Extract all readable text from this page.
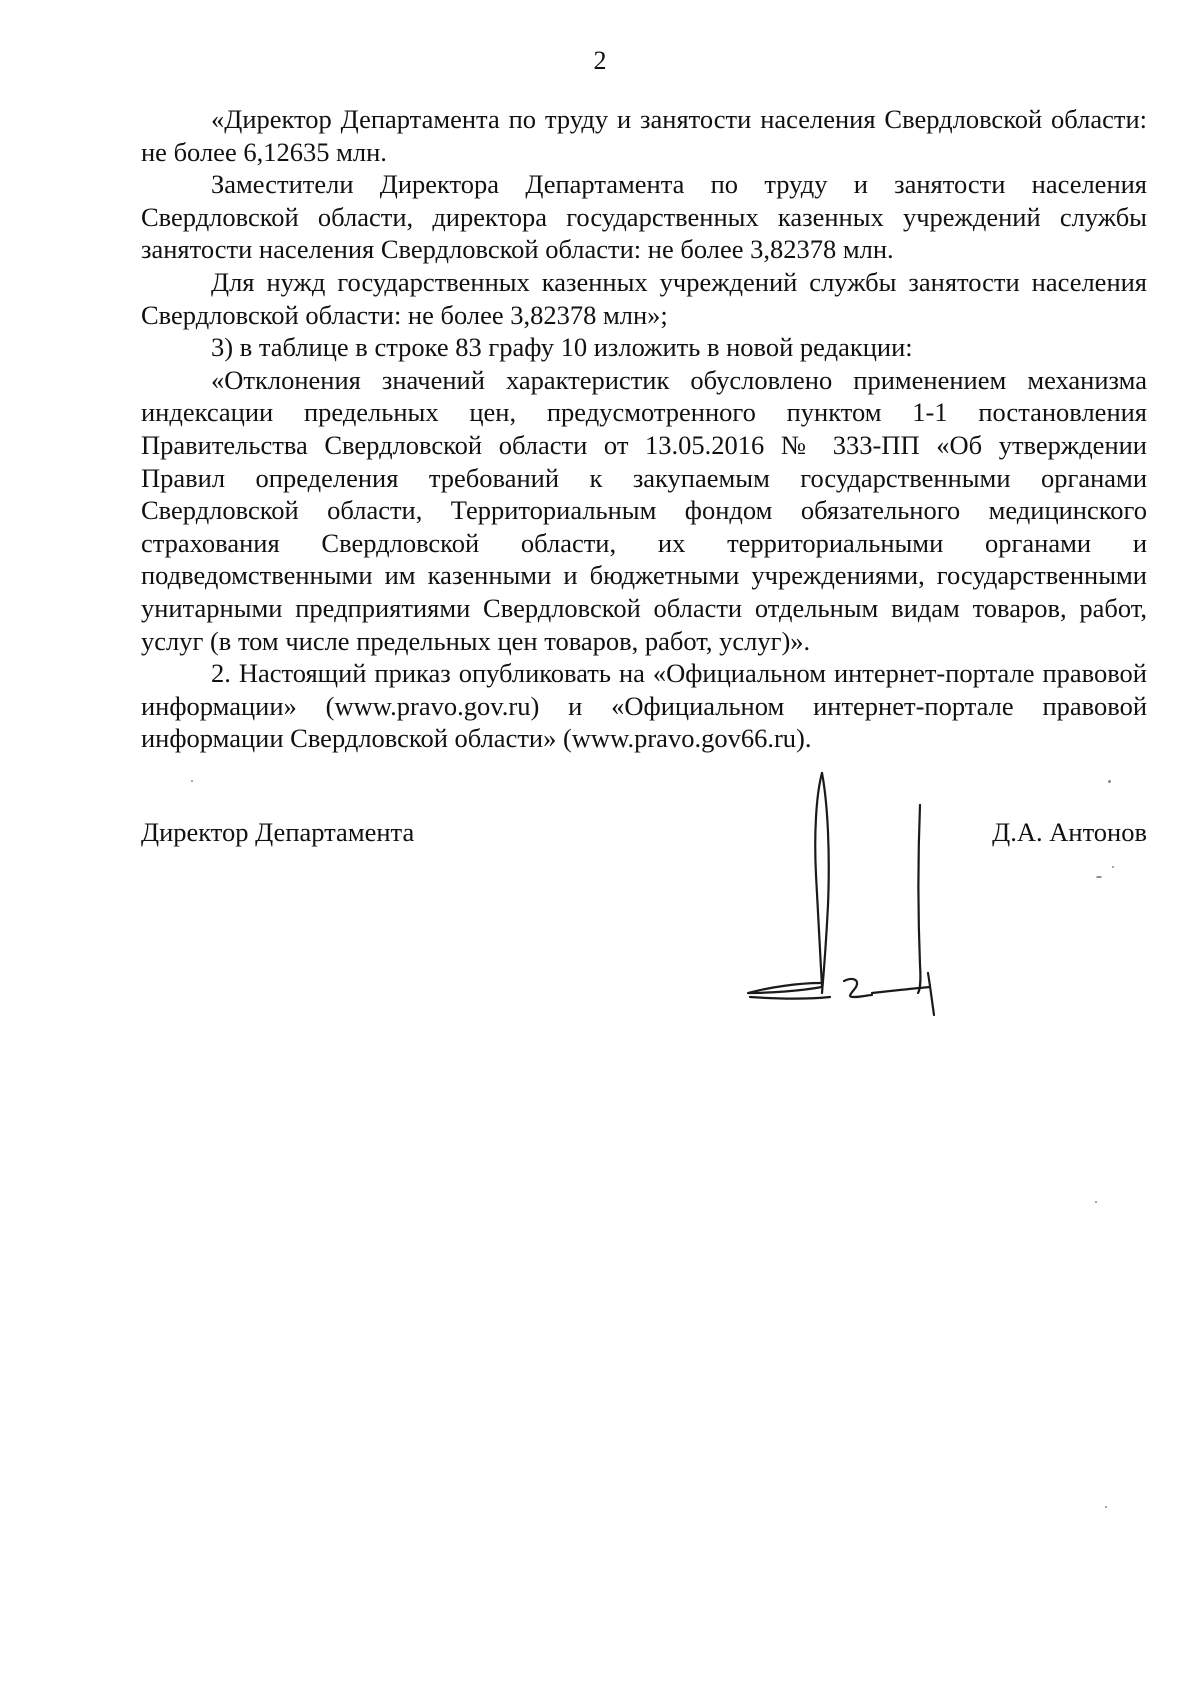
2

«Директор Департамента по труду и занятости населения Свердловской области: не более 6,12635 млн.

Заместители Директора Департамента по труду и занятости населения Свердловской области, директора государственных казенных учреждений службы занятости населения Свердловской области: не более 3,82378 млн.

Для нужд государственных казенных учреждений службы занятости населения Свердловской области: не более 3,82378 млн»;

3) в таблице в строке 83 графу 10 изложить в новой редакции:

«Отклонения значений характеристик обусловлено применением механизма индексации предельных цен, предусмотренного пунктом 1-1 постановления Правительства Свердловской области от 13.05.2016 № 333-ПП «Об утверждении Правил определения требований к закупаемым государственными органами Свердловской области, Территориальным фондом обязательного медицинского страхования Свердловской области, их территориальными органами и подведомственными им казенными и бюджетными учреждениями, государственными унитарными предприятиями Свердловской области отдельным видам товаров, работ, услуг (в том числе предельных цен товаров, работ, услуг)».

2. Настоящий приказ опубликовать на «Официальном интернет-портале правовой информации» (www.pravo.gov.ru) и «Официальном интернет-портале правовой информации Свердловской области» (www.pravo.gov66.ru).

Директор Департамента	Д.А. Антонов
